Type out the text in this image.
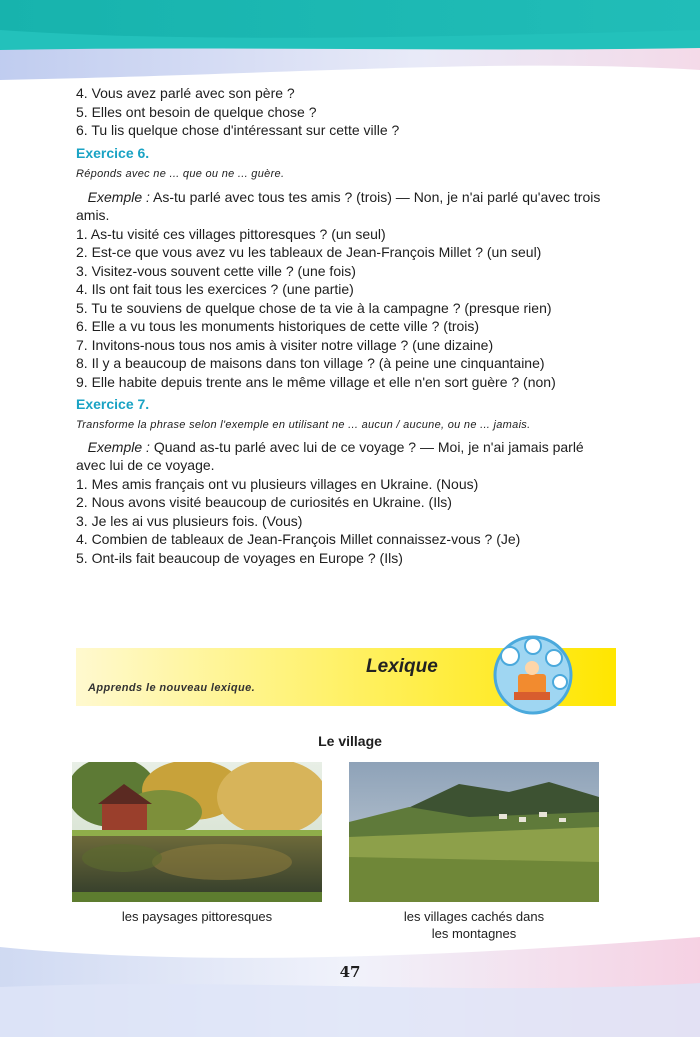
4. Vous avez parlé avec son père ?
5. Elles ont besoin de quelque chose ?
6. Tu lis quelque chose d'intéressant sur cette ville ?
Exercice 6.
Réponds avec ne ... que ou ne ... guère.
Exemple : As-tu parlé avec tous tes amis ? (trois) — Non, je n'ai parlé qu'avec trois amis.
1. As-tu visité ces villages pittoresques ? (un seul)
2. Est-ce que vous avez vu les tableaux de Jean-François Millet ? (un seul)
3. Visitez-vous souvent cette ville ? (une fois)
4. Ils ont fait tous les exercices ? (une partie)
5. Tu te souviens de quelque chose de ta vie à la campagne ? (presque rien)
6. Elle a vu tous les monuments historiques de cette ville ? (trois)
7. Invitons-nous tous nos amis à visiter notre village ? (une dizaine)
8. Il y a beaucoup de maisons dans ton village ? (à peine une cinquantaine)
9. Elle habite depuis trente ans le même village et elle n'en sort guère ? (non)
Exercice 7.
Transforme la phrase selon l'exemple en utilisant ne ... aucun / aucune, ou ne ... jamais.
Exemple : Quand as-tu parlé avec lui de ce voyage ? — Moi, je n'ai jamais parlé avec lui de ce voyage.
1. Mes amis français ont vu plusieurs villages en Ukraine. (Nous)
2. Nous avons visité beaucoup de curiosités en Ukraine. (Ils)
3. Je les ai vus plusieurs fois. (Vous)
4. Combien de tableaux de Jean-François Millet connaissez-vous ? (Je)
5. Ont-ils fait beaucoup de voyages en Europe ? (Ils)
Lexique
Apprends le nouveau lexique.
Le village
les paysages pittoresques	les villages cachés dans
les montagnes
47
